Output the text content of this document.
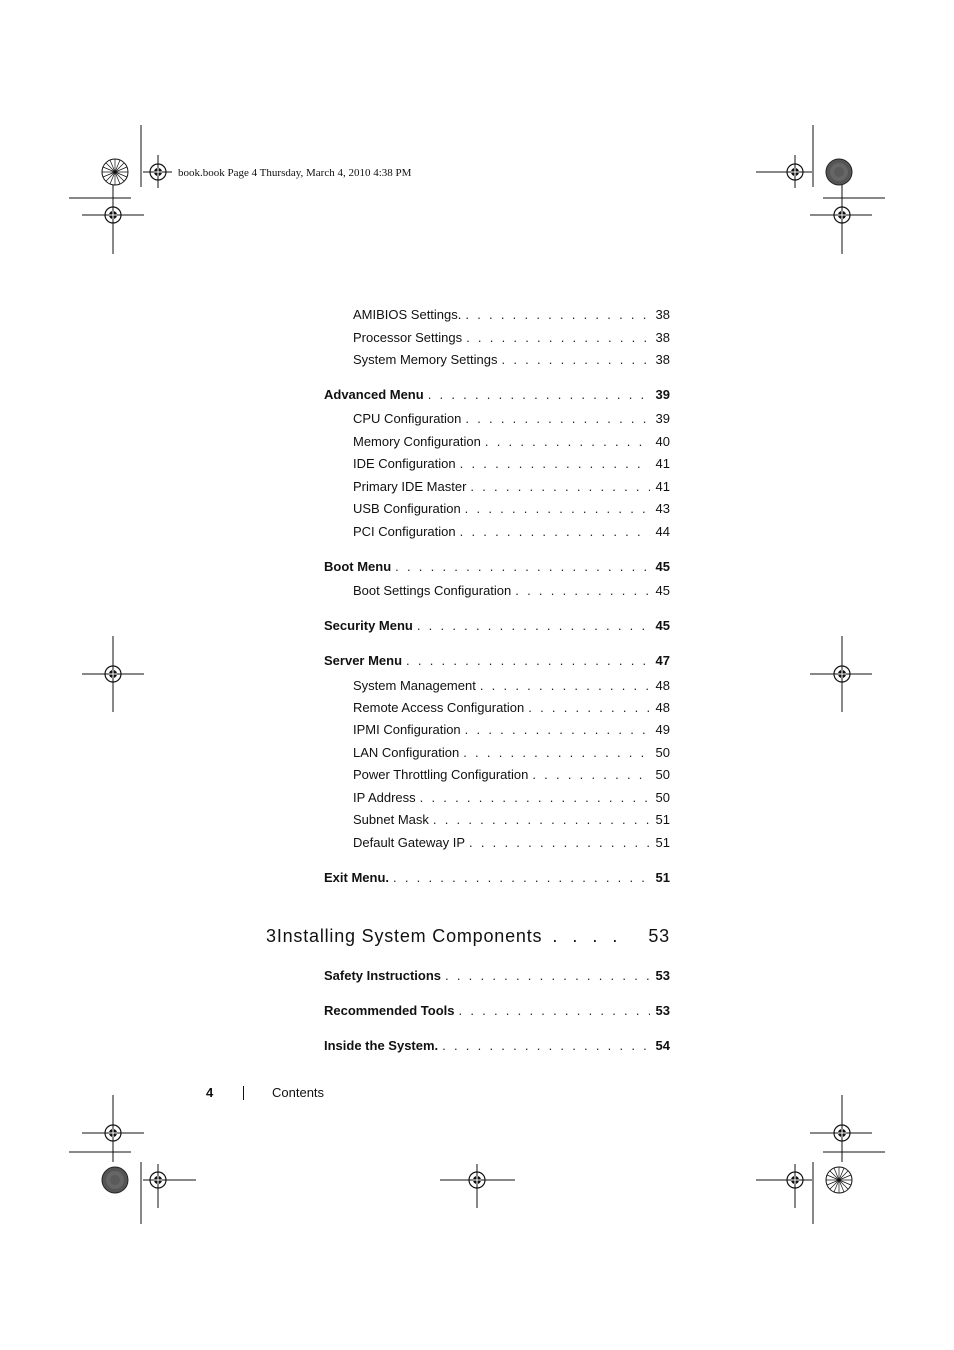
book.book Page 4 Thursday, March 4, 2010 4:38 PM
AMIBIOS Settings. . . .	38
Processor Settings . . .	38
System Memory Settings . . .	38
Advanced Menu . . .	39
CPU Configuration . . .	39
Memory Configuration . . .	40
IDE Configuration . . .	41
Primary IDE Master . . .	41
USB Configuration . . .	43
PCI Configuration . . .	44
Boot Menu . . .	45
Boot Settings Configuration . . .	45
Security Menu . . .	45
Server Menu . . .	47
System Management . . .	48
Remote Access Configuration . . .	48
IPMI Configuration . . .	49
LAN Configuration . . .	50
Power Throttling Configuration . . .	50
IP Address . . .	50
Subnet Mask . . .	51
Default Gateway IP . . .	51
Exit Menu. . . .	51
3 Installing System Components . . .	53
Safety Instructions . . .	53
Recommended Tools . . .	53
Inside the System. . . .	54
4	Contents
